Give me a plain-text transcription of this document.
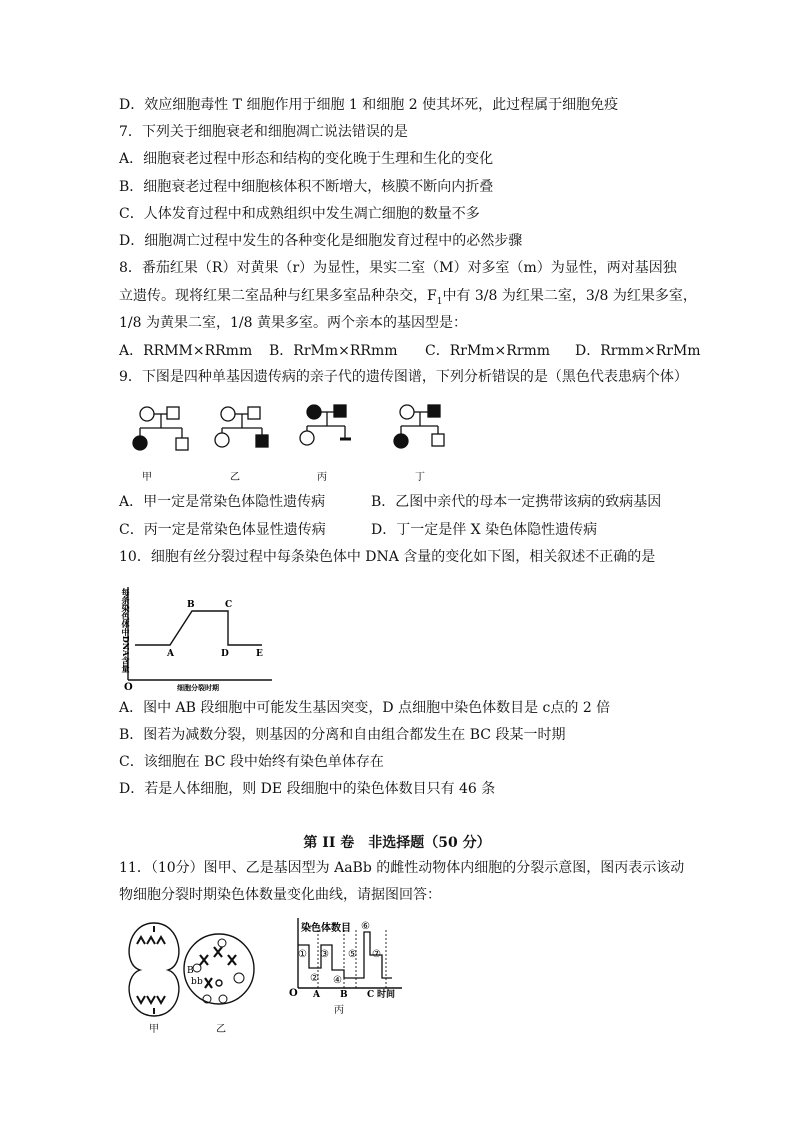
D．效应细胞毒性 T 细胞作用于细胞 1 和细胞 2 使其坏死，此过程属于细胞免疫
7．下列关于细胞衰老和细胞凋亡说法错误的是
A．细胞衰老过程中形态和结构的变化晚于生理和生化的变化
B．细胞衰老过程中细胞核体积不断增大，核膜不断向内折叠
C．人体发育过程中和成熟组织中发生凋亡细胞的数量不多
D．细胞凋亡过程中发生的各种变化是细胞发育过程中的必然步骤
8．番茄红果（R）对黄果（r）为显性，果实二室（M）对多室（m）为显性，两对基因独
立遗传。现将红果二室品种与红果多室品种杂交，$F_1$中有 3/8 为红果二室，3/8 为红果多室，
1/8 为黄果二室，1/8 黄果多室。两个亲本的基因型是：
A．RRMM×RRmm B．RrMm×RRmm C．RrMm×Rrmm D．Rrmm×RrMm
9．下图是四种单基因遗传病的亲子代的遗传图谱，下列分析错误的是（黑色代表患病个体）
甲	乙	丙	丁
A．甲一定是常染色体隐性遗传病	B．乙图中亲代的母本一定携带该病的致病基因
C．丙一定是常染色体显性遗传病	D．丁一定是伴 X 染色体隐性遗传病
10．细胞有丝分裂过程中每条染色体中 DNA 含量的变化如下图，相关叙述不正确的是
每条染色体中DNA含量
O
A
B	C
D	E
细胞分裂时期
A．图中 AB 段细胞中可能发生基因突变，D 点细胞中染色体数目是 c点的 2 倍
B．图若为减数分裂，则基因的分离和自由组合都发生在 BC 段某一时期
C．该细胞在 BC 段中始终有染色单体存在
D．若是人体细胞，则 DE 段细胞中的染色体数目只有 46 条
第 II 卷　非选择题（50 分）
11．（10分）图甲、乙是基因型为 AaBb 的雌性动物体内细胞的分裂示意图，图丙表示该动
物细胞分裂时期染色体数量变化曲线，请据图回答：
B
b b
甲	乙
染色体数目
O A B C 时间
①
②
③
④
⑤
⑥
⑦
丙
